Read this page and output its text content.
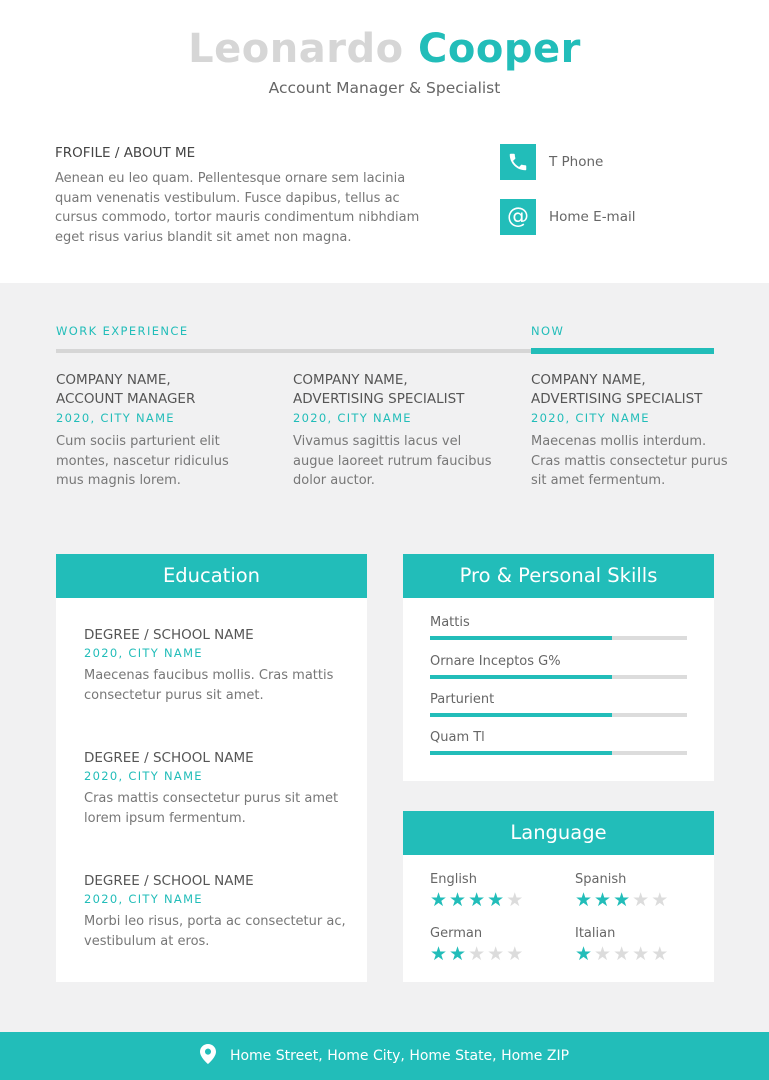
Leonardo Cooper
Account Manager & Specialist
FROFILE / ABOUT ME
Aenean eu leo quam. Pellentesque ornare sem lacinia quam venenatis vestibulum. Fusce dapibus, tellus ac cursus commodo, tortor mauris condimentum nibhdiam eget risus varius blandit sit amet non magna.
T Phone
@ Home E-mail
WORK EXPERIENCE	NOW
COMPANY NAME,
ACCOUNT MANAGER
2020, CITY NAME
Cum sociis parturient elit montes, nascetur ridiculus mus magnis lorem.
COMPANY NAME,
ADVERTISING SPECIALIST
2020, CITY NAME
Vivamus sagittis lacus vel augue laoreet rutrum faucibus dolor auctor.
COMPANY NAME,
ADVERTISING SPECIALIST
2020, CITY NAME
Maecenas mollis interdum. Cras mattis consectetur purus sit amet fermentum.
Education
DEGREE / SCHOOL NAME
2020, CITY NAME
Maecenas faucibus mollis. Cras mattis consectetur purus sit amet.
DEGREE / SCHOOL NAME
2020, CITY NAME
Cras mattis consectetur purus sit amet lorem ipsum fermentum.
DEGREE / SCHOOL NAME
2020, CITY NAME
Morbi leo risus, porta ac consectetur ac, vestibulum at eros.
Pro & Personal Skills
Mattis
Ornare Inceptos G%
Parturient
Quam Tl
Language
English
★★★★★
Spanish
★★★★★
German
★★★★★
Italian
★★★★★
Home Street, Home City, Home State, Home ZIP
